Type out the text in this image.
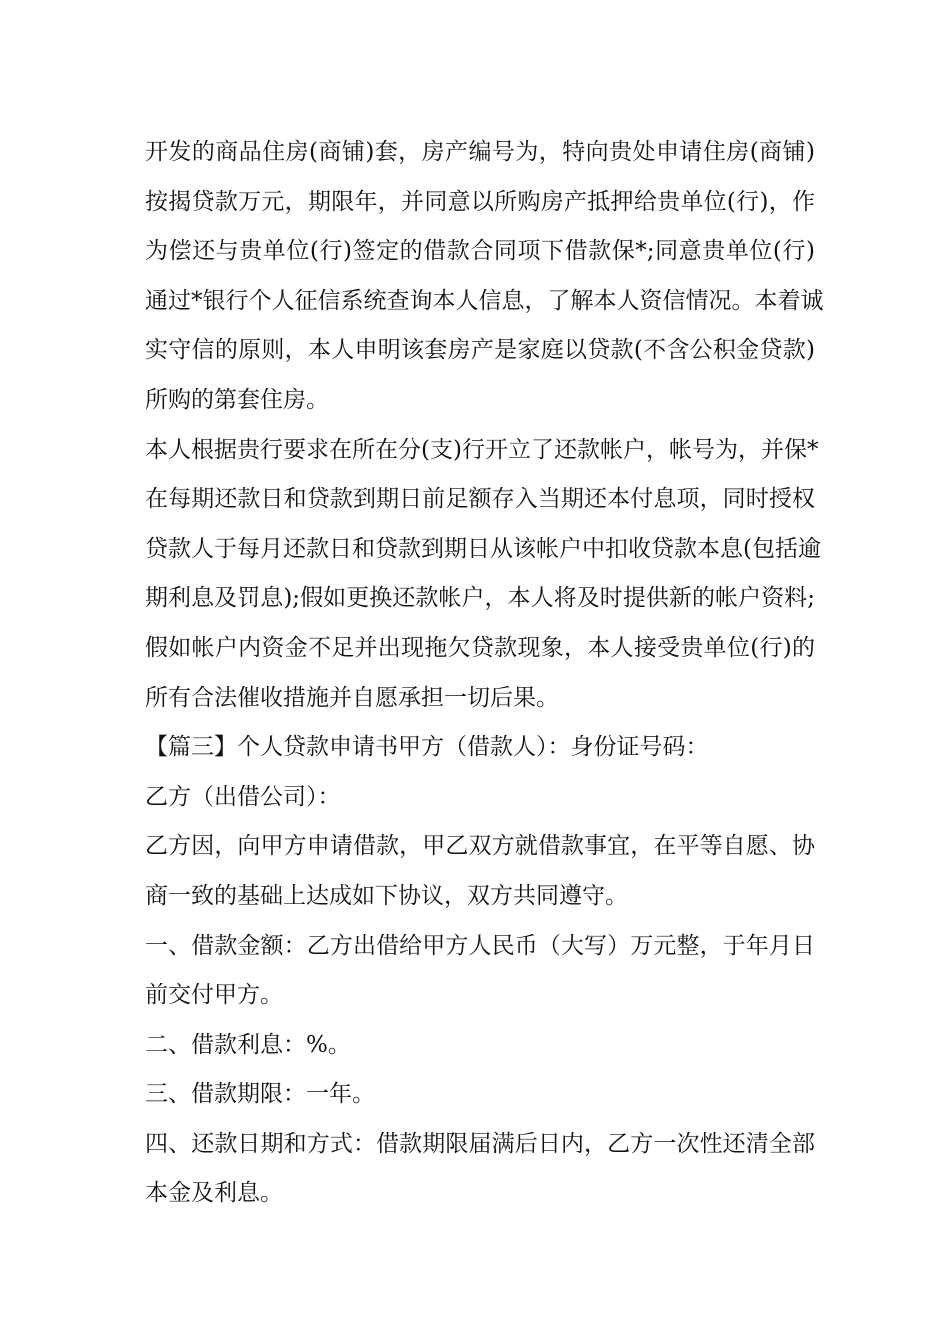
开发的商品住房(商铺)套，房产编号为，特向贵处申请住房(商铺)
按揭贷款万元，期限年，并同意以所购房产抵押给贵单位(行)，作
为偿还与贵单位(行)签定的借款合同项下借款保*;同意贵单位(行)
通过*银行个人征信系统查询本人信息，了解本人资信情况。本着诚
实守信的原则，本人申明该套房产是家庭以贷款(不含公积金贷款)
所购的第套住房。
本人根据贵行要求在所在分(支)行开立了还款帐户，帐号为，并保*
在每期还款日和贷款到期日前足额存入当期还本付息项，同时授权
贷款人于每月还款日和贷款到期日从该帐户中扣收贷款本息(包括逾
期利息及罚息);假如更换还款帐户，本人将及时提供新的帐户资料;
假如帐户内资金不足并出现拖欠贷款现象，本人接受贵单位(行)的
所有合法催收措施并自愿承担一切后果。
【篇三】个人贷款申请书甲方（借款人）：身份证号码：
乙方（出借公司）：
乙方因，向甲方申请借款，甲乙双方就借款事宜，在平等自愿、协
商一致的基础上达成如下协议，双方共同遵守。
一、借款金额：乙方出借给甲方人民币（大写）万元整，于年月日
前交付甲方。
二、借款利息：%。
三、借款期限：一年。
四、还款日期和方式：借款期限届满后日内，乙方一次性还清全部
本金及利息。
